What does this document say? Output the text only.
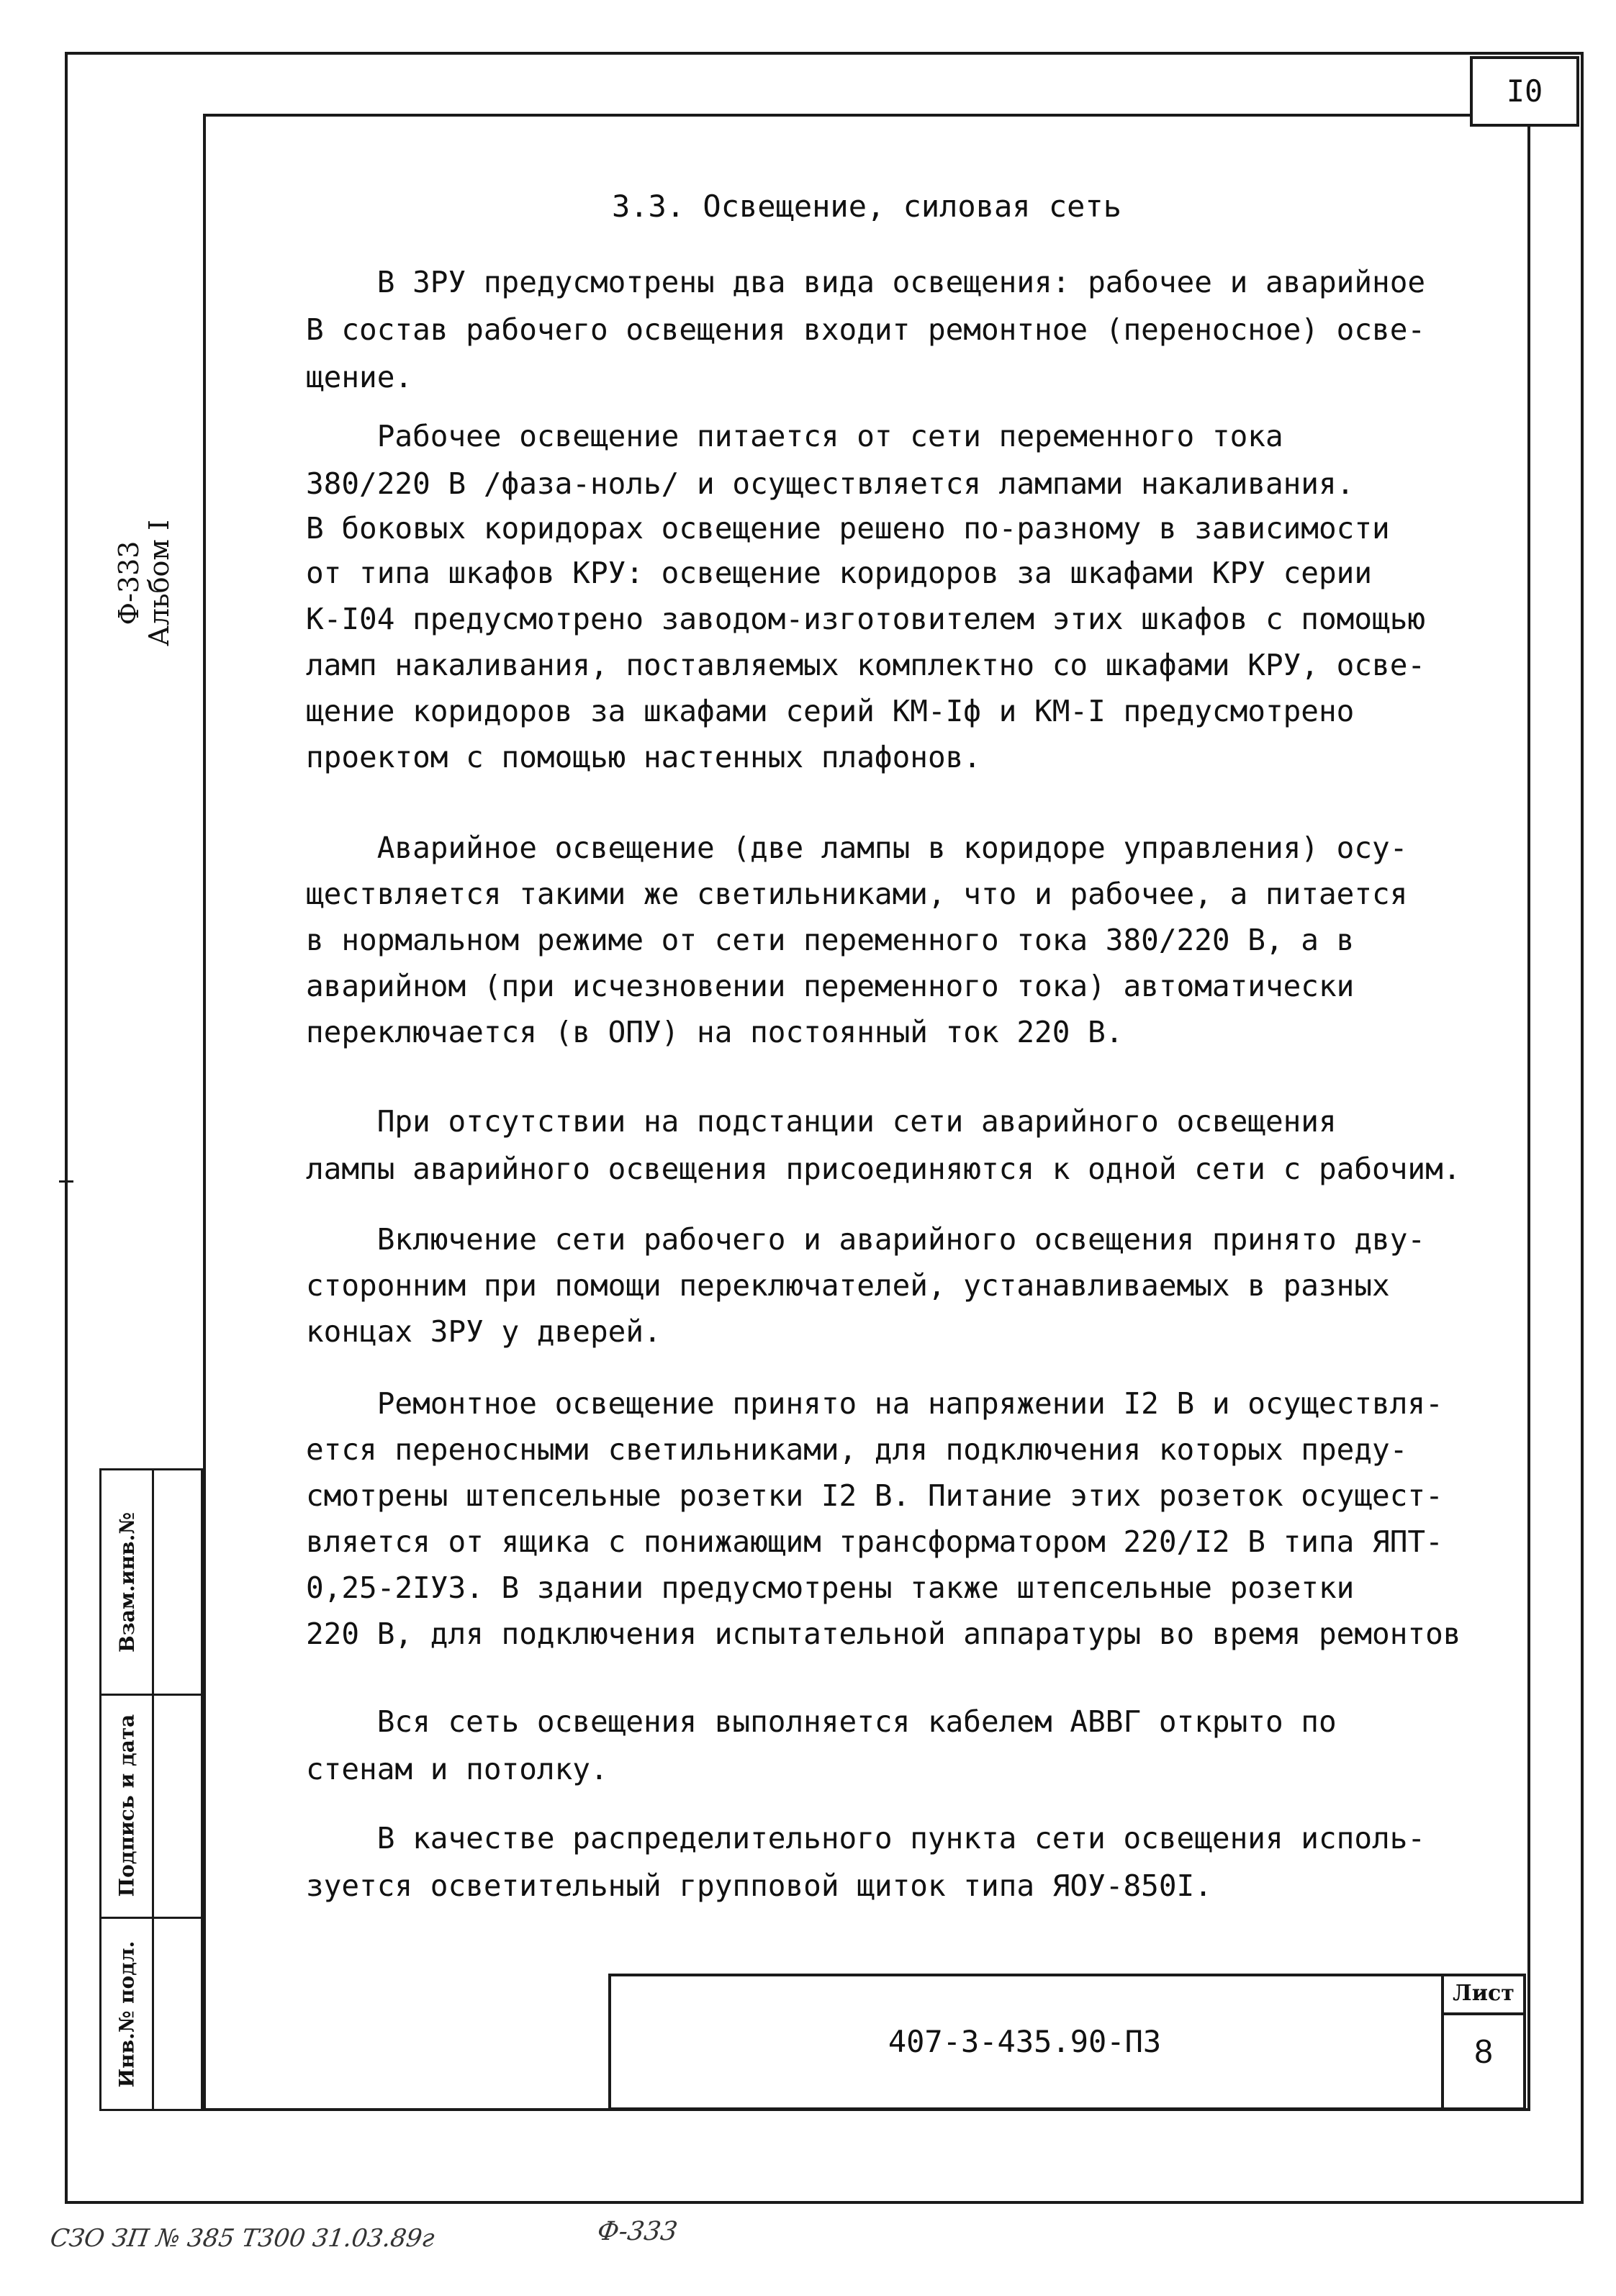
I0
Ф-333
Альбом I
Взам.инв.№
Подпись и дата
Инв.№ подл.
3.3. Освещение, силовая сеть
В ЗРУ предусмотрены два вида освещения: рабочее и аварийное
В состав рабочего освещения входит ремонтное (переносное) осве-
щение.
Рабочее освещение питается от сети переменного тока
380/220 В /фаза-ноль/ и осуществляется лампами накаливания.
В боковых коридорах освещение решено по-разному в зависимости
от типа шкафов КРУ: освещение коридоров за шкафами КРУ серии
К-I04 предусмотрено заводом-изготовителем этих шкафов с помощью
ламп накаливания, поставляемых комплектно со шкафами КРУ, осве-
щение коридоров за шкафами серий КМ-Iф и КМ-I предусмотрено
проектом с помощью настенных плафонов.
Аварийное освещение (две лампы в коридоре управления) осу-
ществляется такими же светильниками, что и рабочее, а питается
в нормальном режиме от сети переменного тока 380/220 В, а в
аварийном (при исчезновении переменного тока) автоматически
переключается (в ОПУ) на постоянный ток 220 В.
При отсутствии на подстанции сети аварийного освещения
лампы аварийного освещения присоединяются к одной сети с рабочим.
Включение сети рабочего и аварийного освещения принято дву-
сторонним при помощи переключателей, устанавливаемых в разных
концах ЗРУ у дверей.
Ремонтное освещение принято на напряжении I2 В и осуществля-
ется переносными светильниками, для подключения которых преду-
смотрены штепсельные розетки I2 В. Питание этих розеток осущест-
вляется от ящика с понижающим трансформатором 220/I2 В типа ЯПТ-
0,25-2IУЗ. В здании предусмотрены также штепсельные розетки
220 В, для подключения испытательной аппаратуры во время ремонтов
Вся сеть освещения выполняется кабелем АВВГ открыто по
стенам и потолку.
В качестве распределительного пункта сети освещения исполь-
зуется осветительный групповой щиток типа ЯОУ-850I.
407-3-435.90-ПЗ
Лист
8
СЗО ЗП № 385 Т300 31.03.89г	Ф-333
